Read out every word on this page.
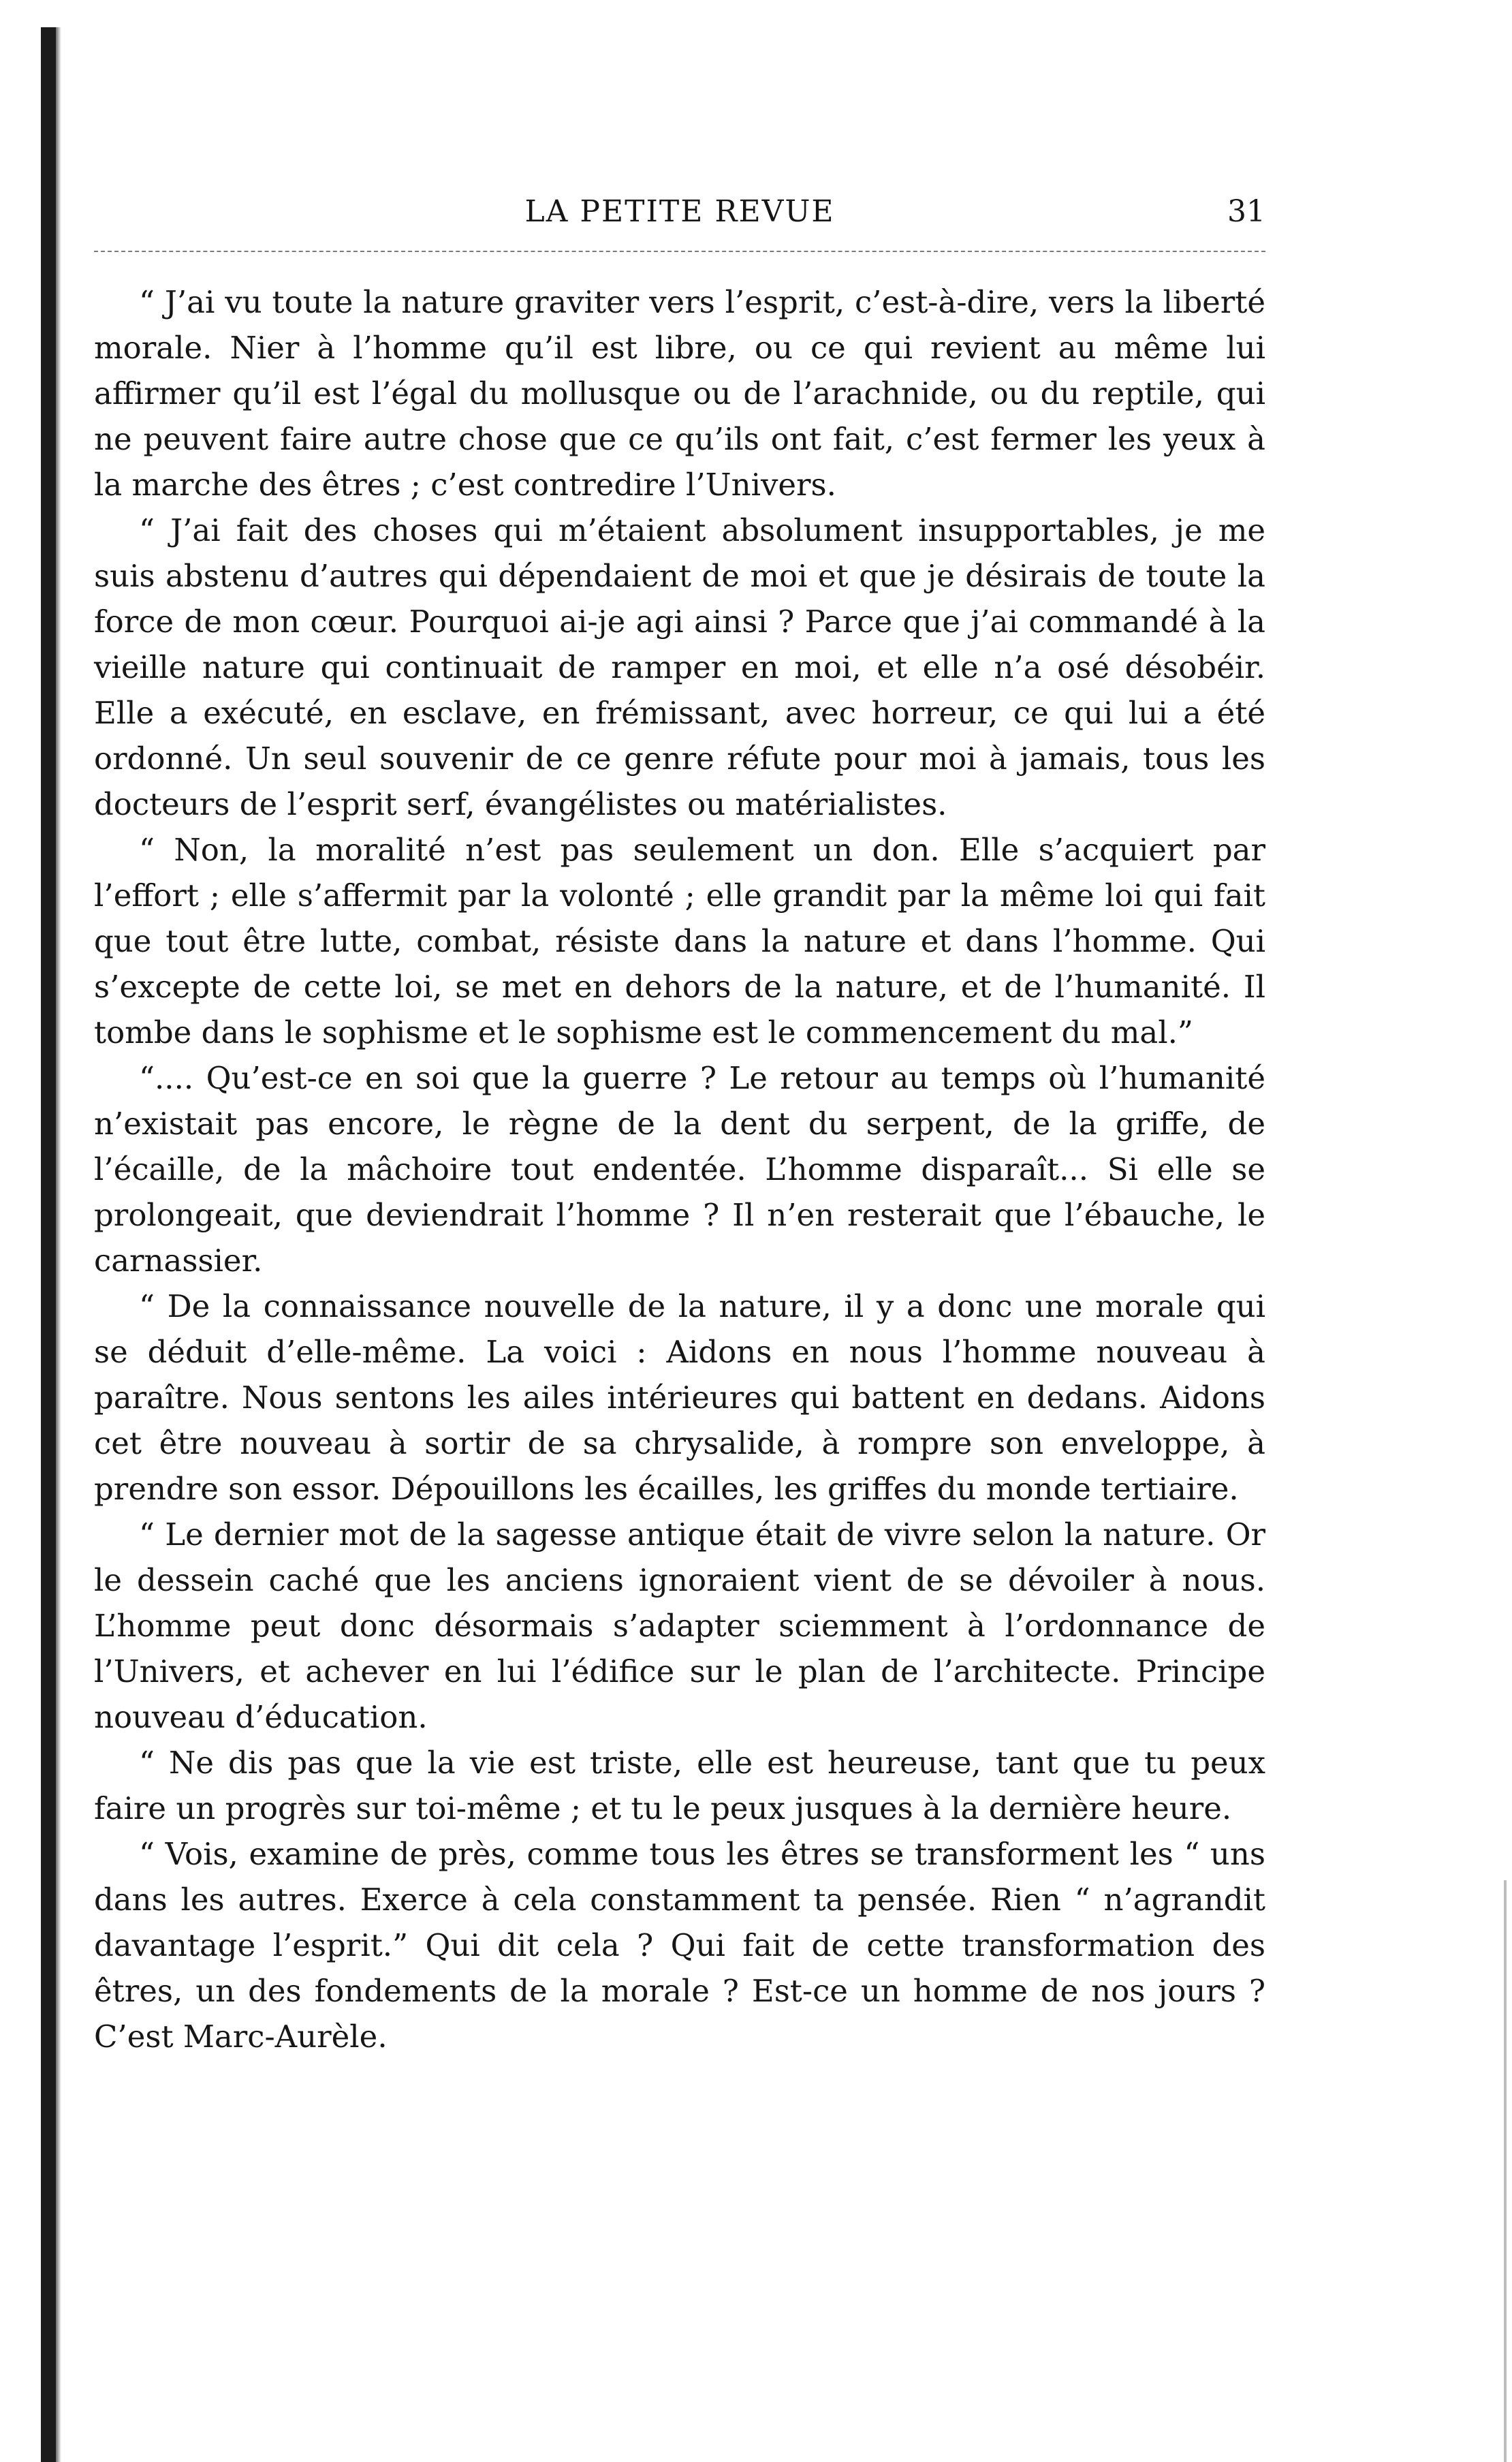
LA PETITE REVUE	31

“ J’ai vu toute la nature graviter vers l’esprit, c’est-à-dire, vers la liberté morale. Nier à l’homme qu’il est libre, ou ce qui revient au même lui affirmer qu’il est l’égal du mollusque ou de l’arachnide, ou du reptile, qui ne peuvent faire autre chose que ce qu’ils ont fait, c’est fermer les yeux à la marche des êtres ; c’est contredire l’Univers.

“ J’ai fait des choses qui m’étaient absolument insupportables, je me suis abstenu d’autres qui dépendaient de moi et que je désirais de toute la force de mon cœur. Pourquoi ai-je agi ainsi ? Parce que j’ai commandé à la vieille nature qui continuait de ramper en moi, et elle n’a osé désobéir. Elle a exécuté, en esclave, en frémissant, avec horreur, ce qui lui a été ordonné. Un seul souvenir de ce genre réfute pour moi à jamais, tous les docteurs de l’esprit serf, évangélistes ou matérialistes.

“ Non, la moralité n’est pas seulement un don. Elle s’acquiert par l’effort ; elle s’affermit par la volonté ; elle grandit par la même loi qui fait que tout être lutte, combat, résiste dans la nature et dans l’homme. Qui s’excepte de cette loi, se met en dehors de la nature, et de l’humanité. Il tombe dans le sophisme et le sophisme est le commencement du mal.”

“.... Qu’est-ce en soi que la guerre ? Le retour au temps où l’humanité n’existait pas encore, le règne de la dent du serpent, de la griffe, de l’écaille, de la mâchoire tout endentée. L’homme disparaît... Si elle se prolongeait, que deviendrait l’homme ? Il n’en resterait que l’ébauche, le carnassier.

“ De la connaissance nouvelle de la nature, il y a donc une morale qui se déduit d’elle-même. La voici : Aidons en nous l’homme nouveau à paraître. Nous sentons les ailes intérieures qui battent en dedans. Aidons cet être nouveau à sortir de sa chrysalide, à rompre son enveloppe, à prendre son essor. Dépouillons les écailles, les griffes du monde tertiaire.

“ Le dernier mot de la sagesse antique était de vivre selon la nature. Or le dessein caché que les anciens ignoraient vient de se dévoiler à nous. L’homme peut donc désormais s’adapter sciemment à l’ordonnance de l’Univers, et achever en lui l’édifice sur le plan de l’architecte. Principe nouveau d’éducation.

“ Ne dis pas que la vie est triste, elle est heureuse, tant que tu peux faire un progrès sur toi-même ; et tu le peux jusques à la dernière heure.

“ Vois, examine de près, comme tous les êtres se transforment les “ uns dans les autres. Exerce à cela constamment ta pensée. Rien “ n’agrandit davantage l’esprit.” Qui dit cela ? Qui fait de cette transformation des êtres, un des fondements de la morale ? Est-ce un homme de nos jours ? C’est Marc-Aurèle.
